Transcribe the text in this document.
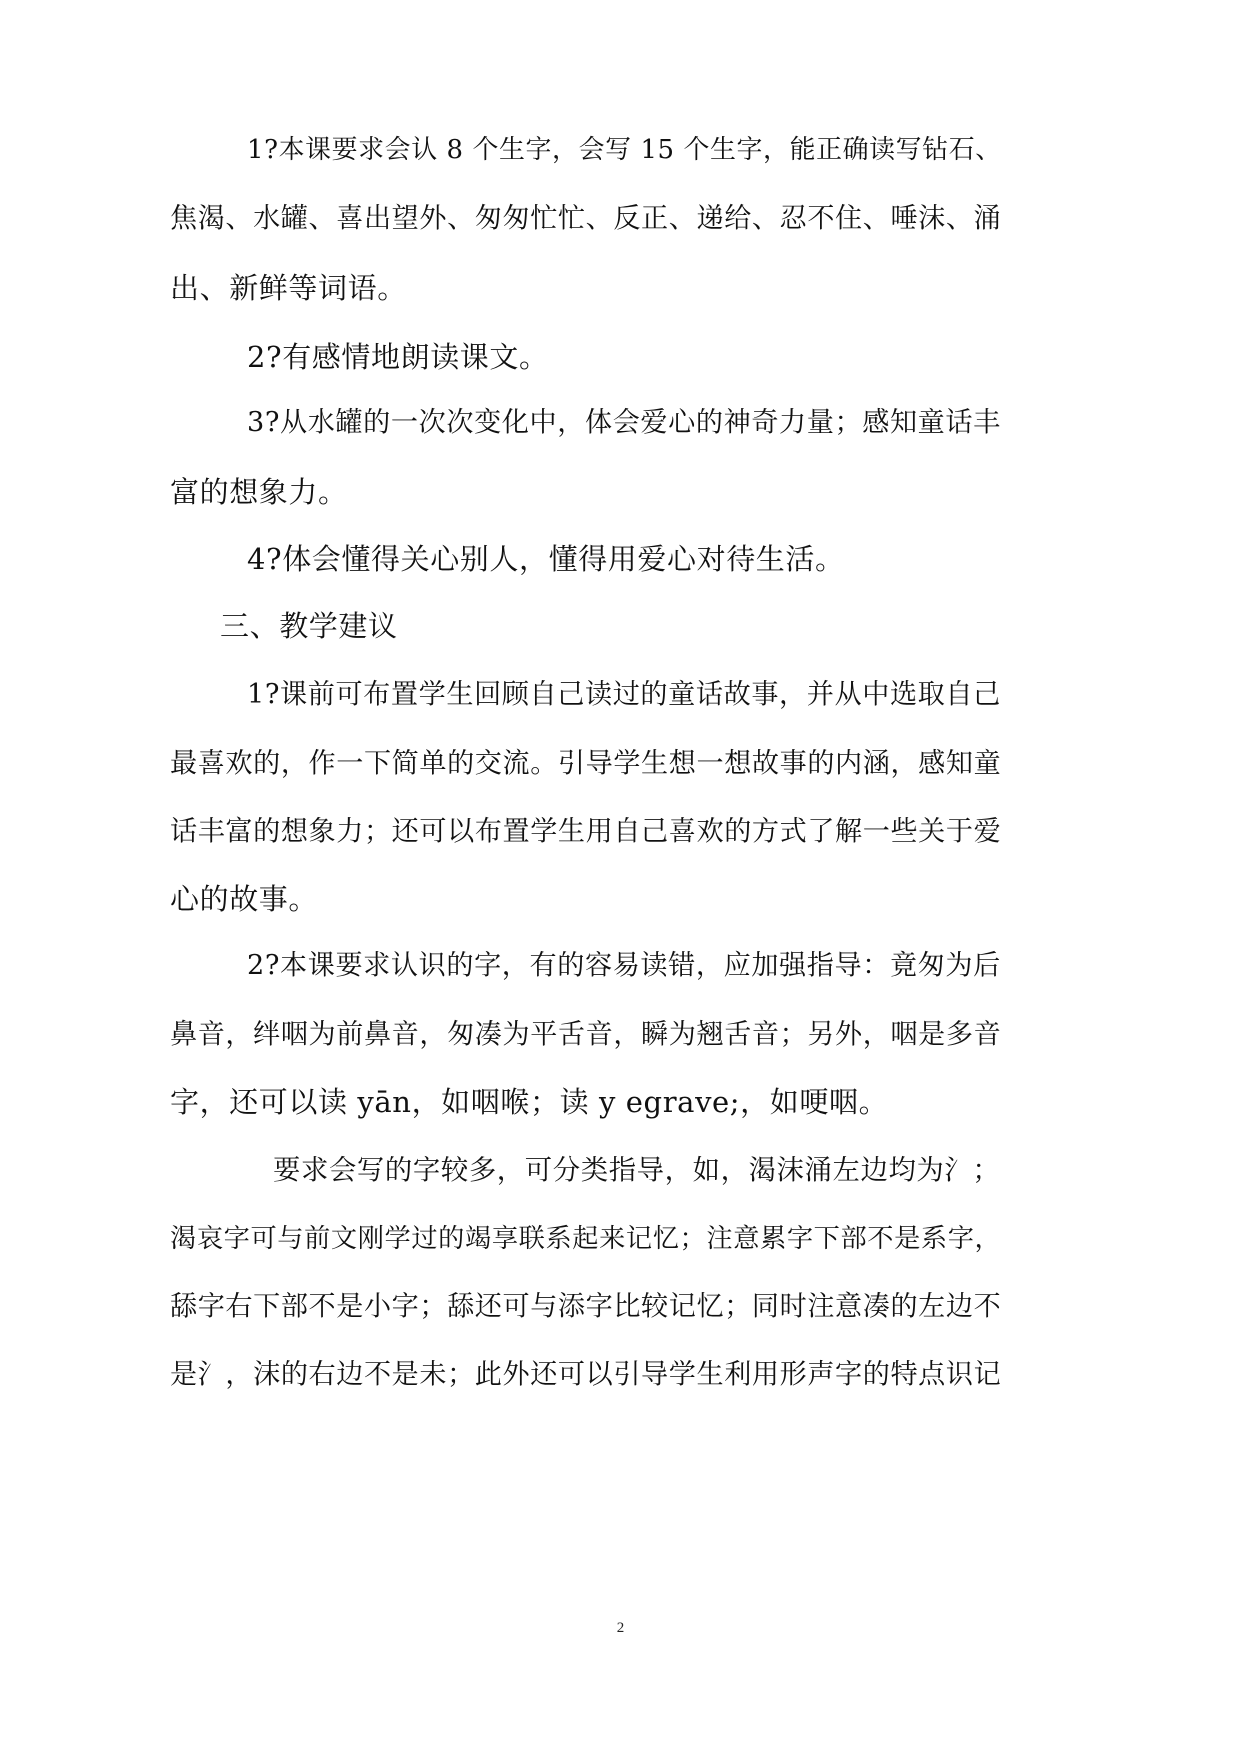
1?本课要求会认 8 个生字，会写 15 个生字，能正确读写钻石、
焦渴、水罐、喜出望外、匆匆忙忙、反正、递给、忍不住、唾沫、涌
出、新鲜等词语。
2?有感情地朗读课文。
3?从水罐的一次次变化中，体会爱心的神奇力量；感知童话丰
富的想象力。
4?体会懂得关心别人，懂得用爱心对待生活。
三、教学建议
1?课前可布置学生回顾自己读过的童话故事，并从中选取自己
最喜欢的，作一下简单的交流。引导学生想一想故事的内涵，感知童
话丰富的想象力；还可以布置学生用自己喜欢的方式了解一些关于爱
心的故事。
2?本课要求认识的字，有的容易读错，应加强指导：竟匆为后
鼻音，绊咽为前鼻音，匆凑为平舌音，瞬为翘舌音；另外，咽是多音
字，还可以读 yān，如咽喉；读 y egrave;，如哽咽。
要求会写的字较多，可分类指导，如，渴沫涌左边均为氵；
渴哀字可与前文刚学过的竭享联系起来记忆；注意累字下部不是系字，
舔字右下部不是小字；舔还可与添字比较记忆；同时注意凑的左边不
是氵，沫的右边不是未；此外还可以引导学生利用形声字的特点识记
2
